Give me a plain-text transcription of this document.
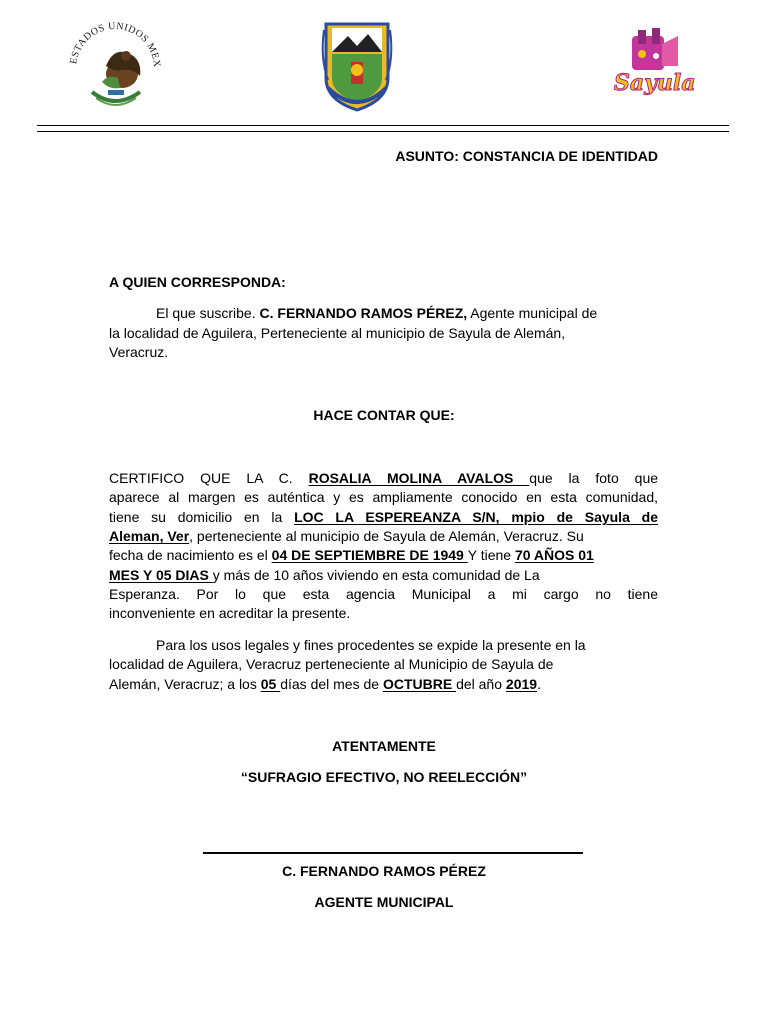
ESTADOS UNIDOS MEX
Sayula
ASUNTO: CONSTANCIA DE IDENTIDAD
A QUIEN CORRESPONDA:
El que suscribe. C. FERNANDO RAMOS PÉREZ, Agente municipal de
la localidad de Aguilera, Perteneciente al municipio de Sayula de Alemán,
Veracruz.
HACE CONTAR QUE:
CERTIFICO QUE LA C. ROSALIA MOLINA AVALOS que la foto que
aparece al margen es auténtica y es ampliamente conocido en esta comunidad,
tiene su domicilio en la LOC LA ESPEREANZA S/N, mpio de Sayula de
Aleman, Ver, perteneciente al municipio de Sayula de Alemán, Veracruz. Su
fecha de nacimiento es el 04 DE SEPTIEMBRE DE 1949 Y tiene 70 AÑOS 01
MES Y 05 DIAS y más de 10 años viviendo en esta comunidad de La
Esperanza. Por lo que esta agencia Municipal a mi cargo no tiene
inconveniente en acreditar la presente.
Para los usos legales y fines procedentes se expide la presente en la
localidad de Aguilera, Veracruz perteneciente al Municipio de Sayula de
Alemán, Veracruz; a los 05 días del mes de OCTUBRE del año 2019.
ATENTAMENTE
“SUFRAGIO EFECTIVO, NO REELECCIÓN”
C. FERNANDO RAMOS PÉREZ
AGENTE MUNICIPAL
